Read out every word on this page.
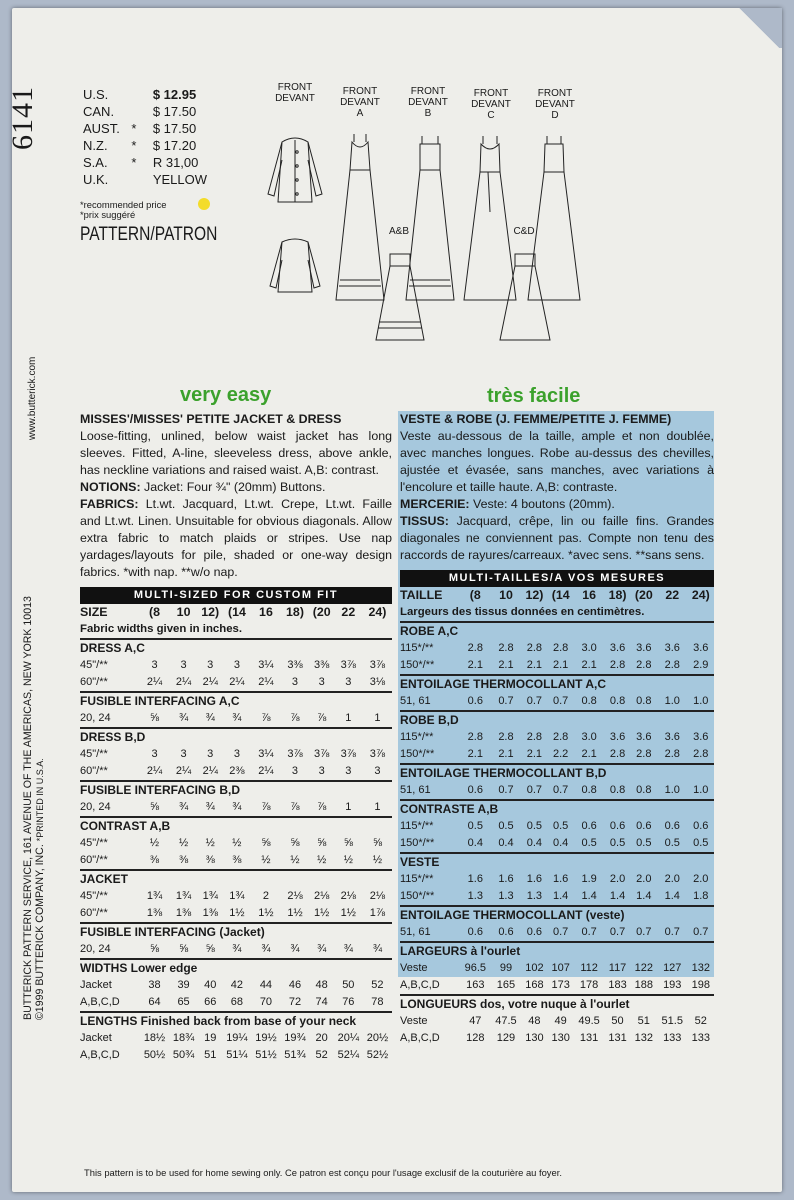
6141
www.butterick.com
BUTTERICK PATTERN SERVICE, 161 AVENUE OF THE AMERICAS, NEW YORK 10013 ©1999 BUTTERICK COMPANY, INC. *PRINTED IN U.S.A.
U.S.		$ 12.95
CAN.		$ 17.50
AUST.	*	$ 17.50
N.Z.	*	$ 17.20
S.A.	*	R 31,00
U.K.		YELLOW
*recommended price
*prix suggéré
PATTERN/PATRON
FRONT
DEVANT
FRONT
DEVANT
A
FRONT
DEVANT
B
FRONT
DEVANT
C
FRONT
DEVANT
D
A&B	C&D
very easy	très facile
MISSES'/MISSES' PETITE JACKET & DRESS

Loose-fitting, unlined, below waist jacket has long sleeves. Fitted, A-line, sleeveless dress, above ankle, has neckline variations and raised waist. A,B: contrast.

NOTIONS: Jacket: Four ¾" (20mm) Buttons.

FABRICS: Lt.wt. Jacquard, Lt.wt. Crepe, Lt.wt. Faille and Lt.wt. Linen. Unsuitable for obvious diagonals. Allow extra fabric to match plaids or stripes. Use nap yardages/layouts for pile, shaded or one-way design fabrics. *with nap. **w/o nap.

MULTI-SIZED FOR CUSTOM FIT
SIZE	(8	10	12)	(14	16	18)	(20	22	24)
Fabric widths given in inches.									
DRESS A,C									
45"/**	3	3	3	3	3¼	3⅜	3⅜	3⅞	3⅞
60"/**	2¼	2¼	2¼	2¼	2¼	3	3	3	3⅛
FUSIBLE INTERFACING A,C									
20, 24	⅝	¾	¾	¾	⅞	⅞	⅞	1	1
DRESS B,D									
45"/**	3	3	3	3	3¼	3⅞	3⅞	3⅞	3⅞
60"/**	2¼	2¼	2¼	2⅜	2¼	3	3	3	3
FUSIBLE INTERFACING B,D									
20, 24	⅝	¾	¾	¾	⅞	⅞	⅞	1	1
CONTRAST A,B									
45"/**	½	½	½	½	⅝	⅝	⅝	⅝	⅝
60"/**	⅜	⅜	⅜	⅜	½	½	½	½	½
JACKET									
45"/**	1¾	1¾	1¾	1¾	2	2⅛	2⅛	2⅛	2⅛
60"/**	1⅜	1⅜	1⅜	1½	1½	1½	1½	1½	1⅞
FUSIBLE INTERFACING (Jacket)									
20, 24	⅝	⅝	⅝	¾	¾	¾	¾	¾	¾
WIDTHS Lower edge									
Jacket	38	39	40	42	44	46	48	50	52
A,B,C,D	64	65	66	68	70	72	74	76	78
LENGTHS Finished back from base of your neck									
Jacket	18½	18¾	19	19¼	19½	19¾	20	20¼	20½
A,B,C,D	50½	50¾	51	51¼	51½	51¾	52	52¼	52½
VESTE & ROBE (J. FEMME/PETITE J. FEMME)

Veste au-dessous de la taille, ample et non doublée, avec manches longues. Robe au-dessus des chevilles, ajustée et évasée, sans manches, avec variations à l'encolure et taille haute. A,B: contraste.

MERCERIE: Veste: 4 boutons (20mm).

TISSUS: Jacquard, crêpe, lin ou faille fins. Grandes diagonales ne conviennent pas. Compte non tenu des raccords de rayures/carreaux. *avec sens. **sans sens.

MULTI-TAILLES/A VOS MESURES
TAILLE	(8	10	12)	(14	16	18)	(20	22	24)
Largeurs des tissus données en centimètres.									
ROBE A,C									
115*/**	2.8	2.8	2.8	2.8	3.0	3.6	3.6	3.6	3.6
150*/**	2.1	2.1	2.1	2.1	2.1	2.8	2.8	2.8	2.9
ENTOILAGE THERMOCOLLANT A,C									
51, 61	0.6	0.7	0.7	0.7	0.8	0.8	0.8	1.0	1.0
ROBE B,D									
115*/**	2.8	2.8	2.8	2.8	3.0	3.6	3.6	3.6	3.6
150*/**	2.1	2.1	2.1	2.2	2.1	2.8	2.8	2.8	2.8
ENTOILAGE THERMOCOLLANT B,D									
51, 61	0.6	0.7	0.7	0.7	0.8	0.8	0.8	1.0	1.0
CONTRASTE A,B									
115*/**	0.5	0.5	0.5	0.5	0.6	0.6	0.6	0.6	0.6
150*/**	0.4	0.4	0.4	0.4	0.5	0.5	0.5	0.5	0.5
VESTE									
115*/**	1.6	1.6	1.6	1.6	1.9	2.0	2.0	2.0	2.0
150*/**	1.3	1.3	1.3	1.4	1.4	1.4	1.4	1.4	1.8
ENTOILAGE THERMOCOLLANT (veste)									
51, 61	0.6	0.6	0.6	0.7	0.7	0.7	0.7	0.7	0.7
LARGEURS à l'ourlet									
Veste	96.5	99	102	107	112	117	122	127	132
A,B,C,D	163	165	168	173	178	183	188	193	198
LONGUEURS dos, votre nuque à l'ourlet									
Veste	47	47.5	48	49	49.5	50	51	51.5	52
A,B,C,D	128	129	130	130	131	131	132	133	133
This pattern is to be used for home sewing only. Ce patron est conçu pour l'usage exclusif de la couturière au foyer.
